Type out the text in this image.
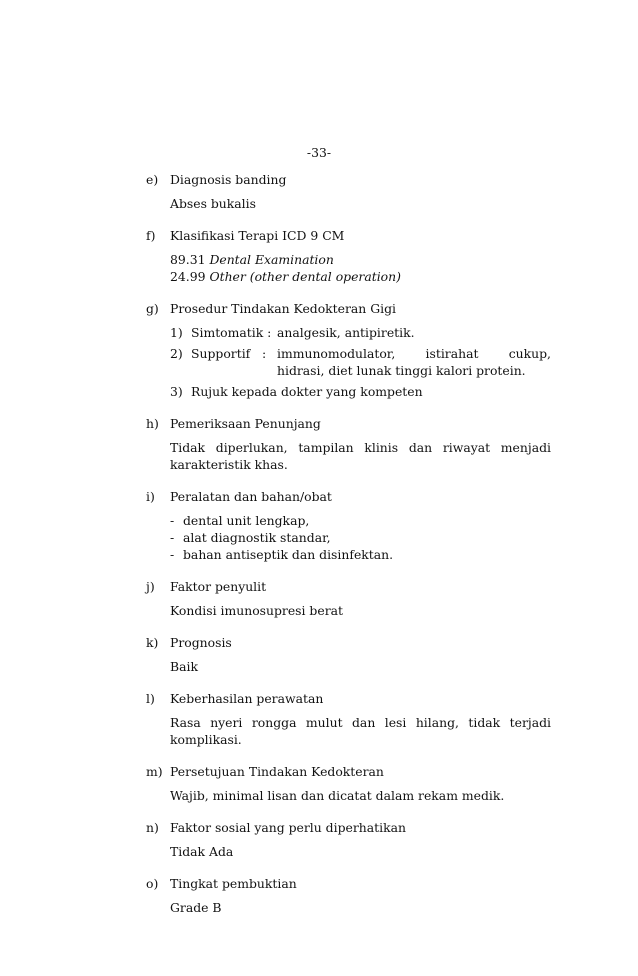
-33-
e) Diagnosis banding
Abses bukalis
f)	Klasifikasi Terapi ICD 9 CM
89.31 Dental Examination
24.99 Other (other dental operation)
g) Prosedur Tindakan Kedokteran Gigi
1) Simtomatik : analgesik, antipiretik.
2) Supportif   : immunomodulator, istirahat cukup,
hidrasi, diet lunak tinggi kalori protein.
3) Rujuk kepada dokter yang kompeten
h) Pemeriksaan Penunjang
Tidak diperlukan, tampilan klinis dan riwayat menjadi karakteristik khas.
i)	Peralatan dan bahan/obat
- dental unit lengkap,
- alat diagnostik standar,
- bahan antiseptik dan disinfektan.
j)	Faktor penyulit
Kondisi imunosupresi berat
k) Prognosis
Baik
l)	Keberhasilan perawatan
Rasa nyeri rongga mulut dan lesi hilang, tidak terjadi komplikasi.
m) Persetujuan Tindakan Kedokteran
Wajib, minimal lisan dan dicatat dalam rekam medik.
n) Faktor sosial yang perlu diperhatikan
Tidak Ada
o) Tingkat pembuktian
Grade B
